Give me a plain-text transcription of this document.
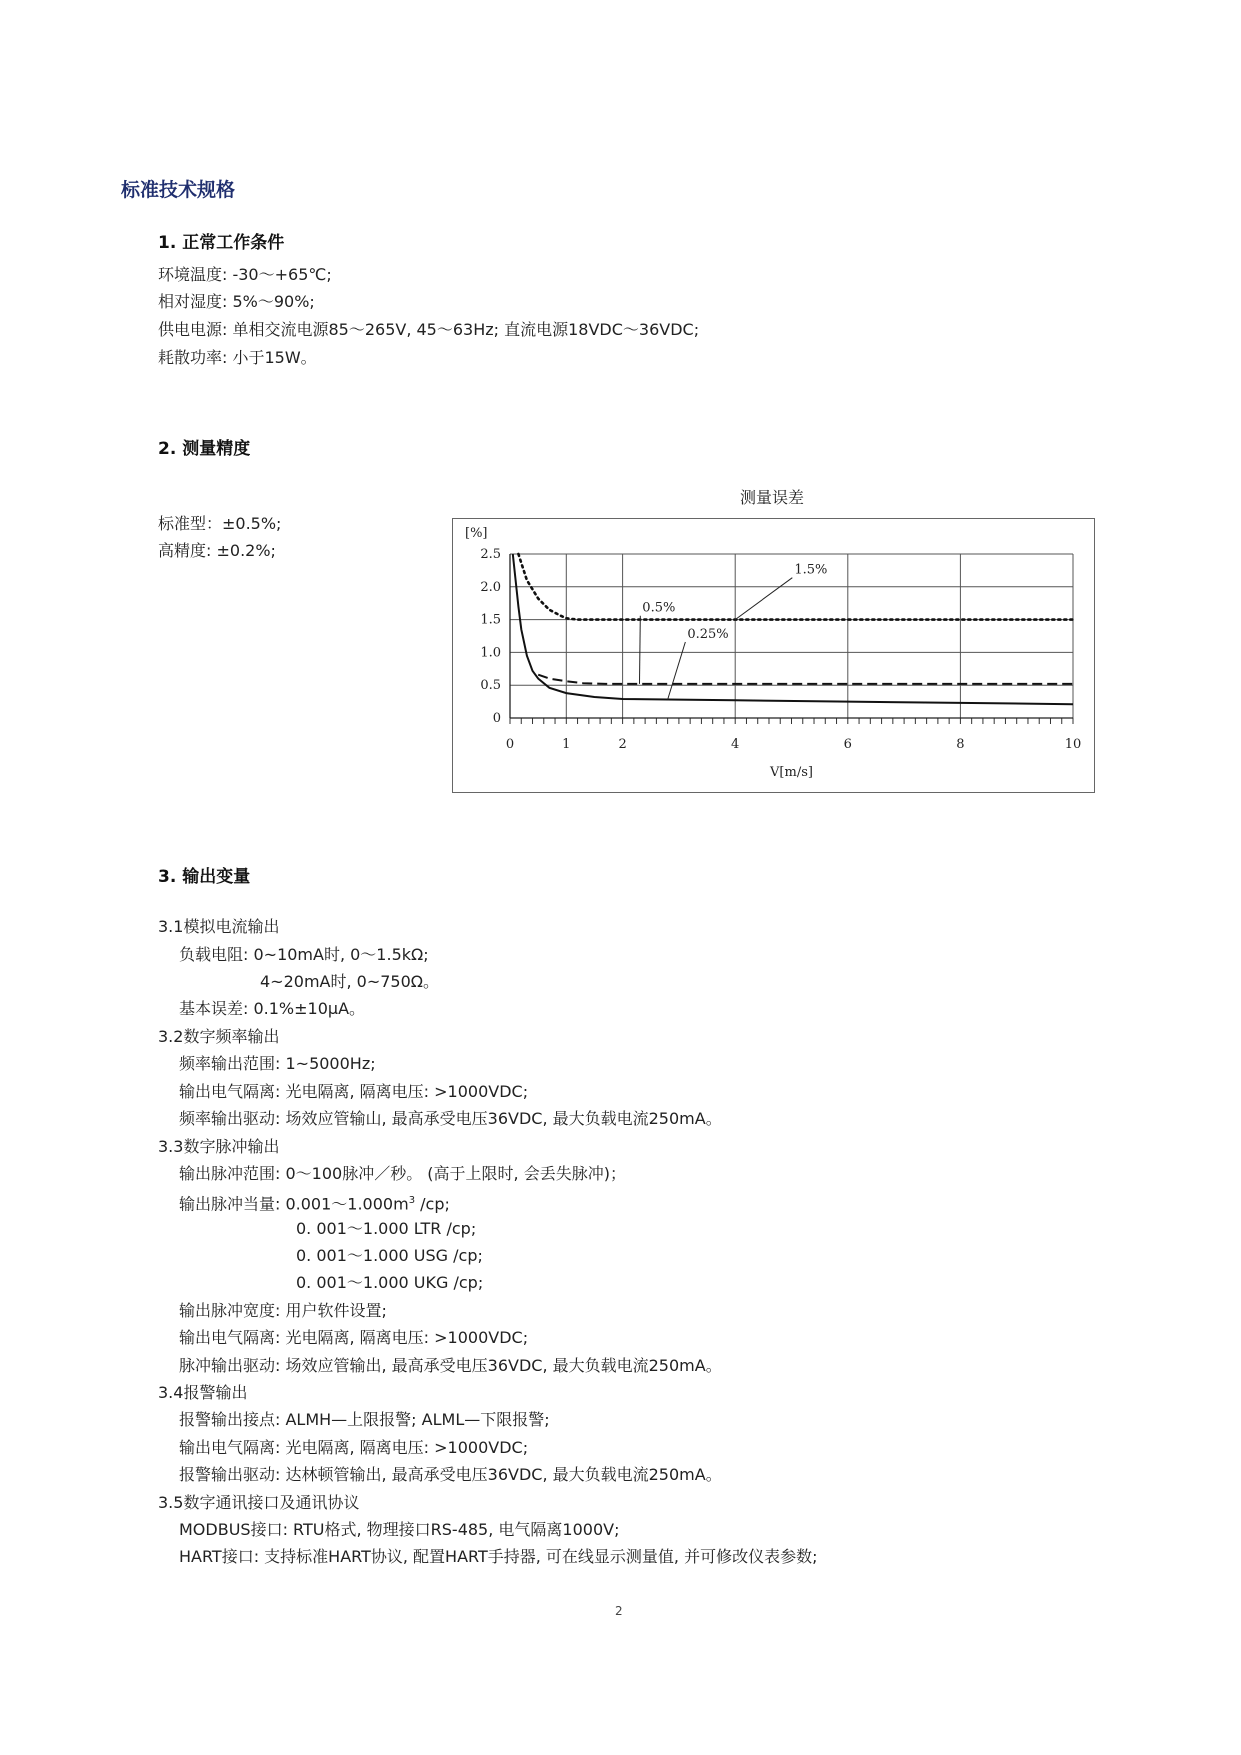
标准技术规格
1. 正常工作条件
环境温度: -30～+65℃;
相对湿度: 5%～90%;
供电电源: 单相交流电源85～265V, 45～63Hz; 直流电源18VDC～36VDC;
耗散功率: 小于15W。
2. 测量精度
标准型：±0.5%;
高精度: ±0.2%;
测量误差
0
0.5
1.0
1.5
2.0
2.5
0	1	2	4	6	8	10
[%]
V[m/s]
1.5%
0.5%
0.25%
3. 输出变量
3.1模拟电流输出
负载电阻: 0~10mA时, 0～1.5kΩ;
4~20mA时, 0~750Ω。
基本误差: 0.1%±10μA。
3.2数字频率输出
频率输出范围: 1~5000Hz;
输出电气隔离: 光电隔离, 隔离电压: >1000VDC;
频率输出驱动: 场效应管输山, 最高承受电压36VDC, 最大负载电流250mA。
3.3数字脉冲输出
输出脉冲范围: 0～100脉冲／秒。 (高于上限时, 会丢失脉冲)；
输出脉冲当量: $0.001\sim 1.000m^3$ /cp;
0. 001～1.000 LTR /cp;
0. 001～1.000 USG /cp;
0. 001～1.000 UKG /cp;
输出脉冲宽度: 用户软件设置;
输出电气隔离: 光电隔离, 隔离电压: >1000VDC;
脉冲输出驱动: 场效应管输出, 最高承受电压36VDC, 最大负载电流250mA。
3.4报警输出
报警输出接点: ALMH—上限报警; ALML—下限报警;
输出电气隔离: 光电隔离, 隔离电压: >1000VDC;
报警输出驱动: 达林顿管输出, 最高承受电压36VDC, 最大负载电流250mA。
3.5数字通讯接口及通讯协议
MODBUS接口: RTU格式, 物理接口RS-485, 电气隔离1000V;
HART接口: 支持标准HART协议, 配置HART手持器, 可在线显示测量值, 并可修改仪表参数;
2
